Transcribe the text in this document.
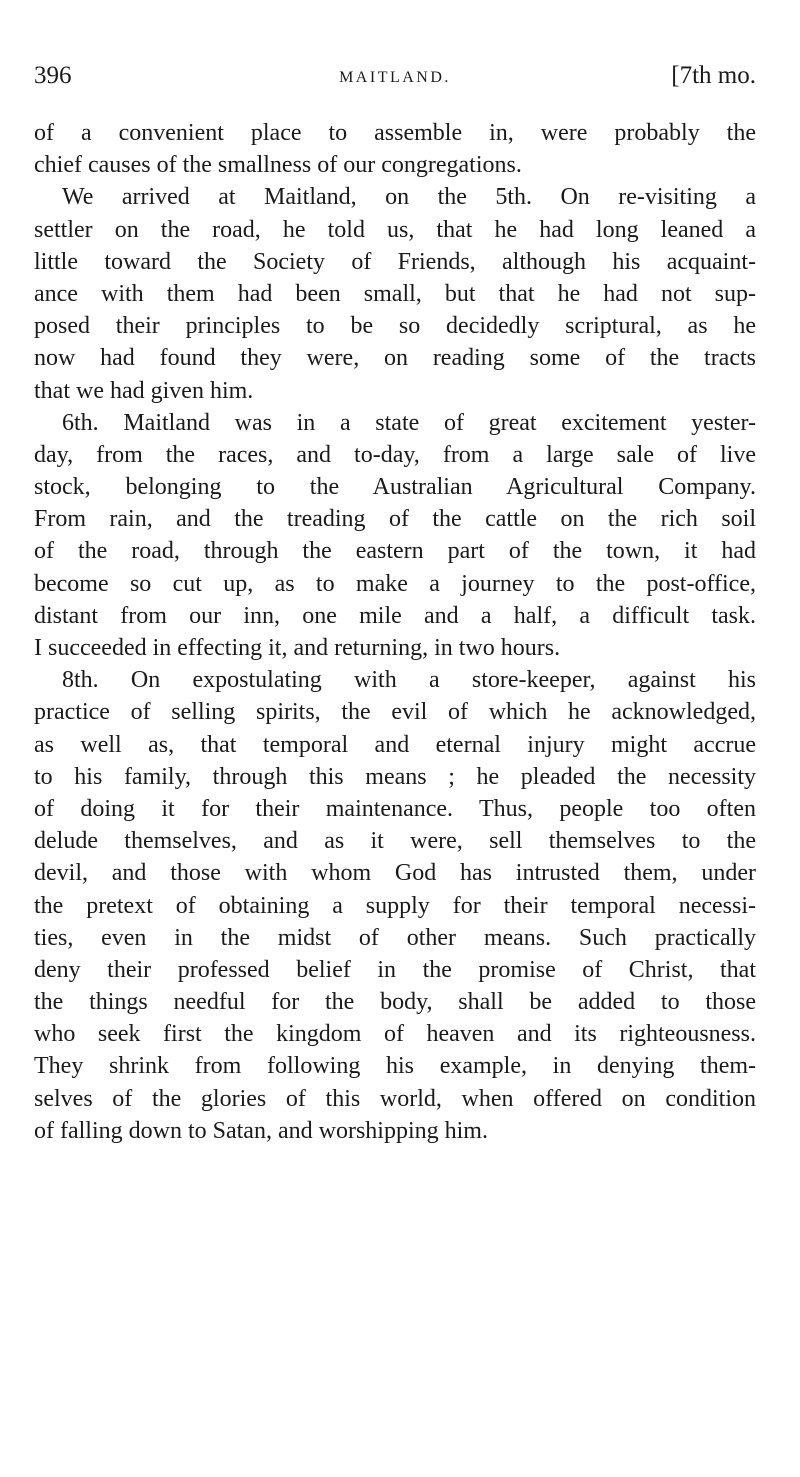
396	MAITLAND.	[7th mo.
of a convenient place to assemble in, were probably the
chief causes of the smallness of our congregations.
We arrived at Maitland, on the 5th. On re-visiting a
settler on the road, he told us, that he had long leaned a
little toward the Society of Friends, although his acquaint-
ance with them had been small, but that he had not sup-
posed their principles to be so decidedly scriptural, as he
now had found they were, on reading some of the tracts
that we had given him.
6th. Maitland was in a state of great excitement yester-
day, from the races, and to-day, from a large sale of live
stock, belonging to the Australian Agricultural Company.
From rain, and the treading of the cattle on the rich soil
of the road, through the eastern part of the town, it had
become so cut up, as to make a journey to the post-office,
distant from our inn, one mile and a half, a difficult task.
I succeeded in effecting it, and returning, in two hours.
8th. On expostulating with a store-keeper, against his
practice of selling spirits, the evil of which he acknowledged,
as well as, that temporal and eternal injury might accrue
to his family, through this means ; he pleaded the necessity
of doing it for their maintenance. Thus, people too often
delude themselves, and as it were, sell themselves to the
devil, and those with whom God has intrusted them, under
the pretext of obtaining a supply for their temporal necessi-
ties, even in the midst of other means. Such practically
deny their professed belief in the promise of Christ, that
the things needful for the body, shall be added to those
who seek first the kingdom of heaven and its righteousness.
They shrink from following his example, in denying them-
selves of the glories of this world, when offered on condition
of falling down to Satan, and worshipping him.
